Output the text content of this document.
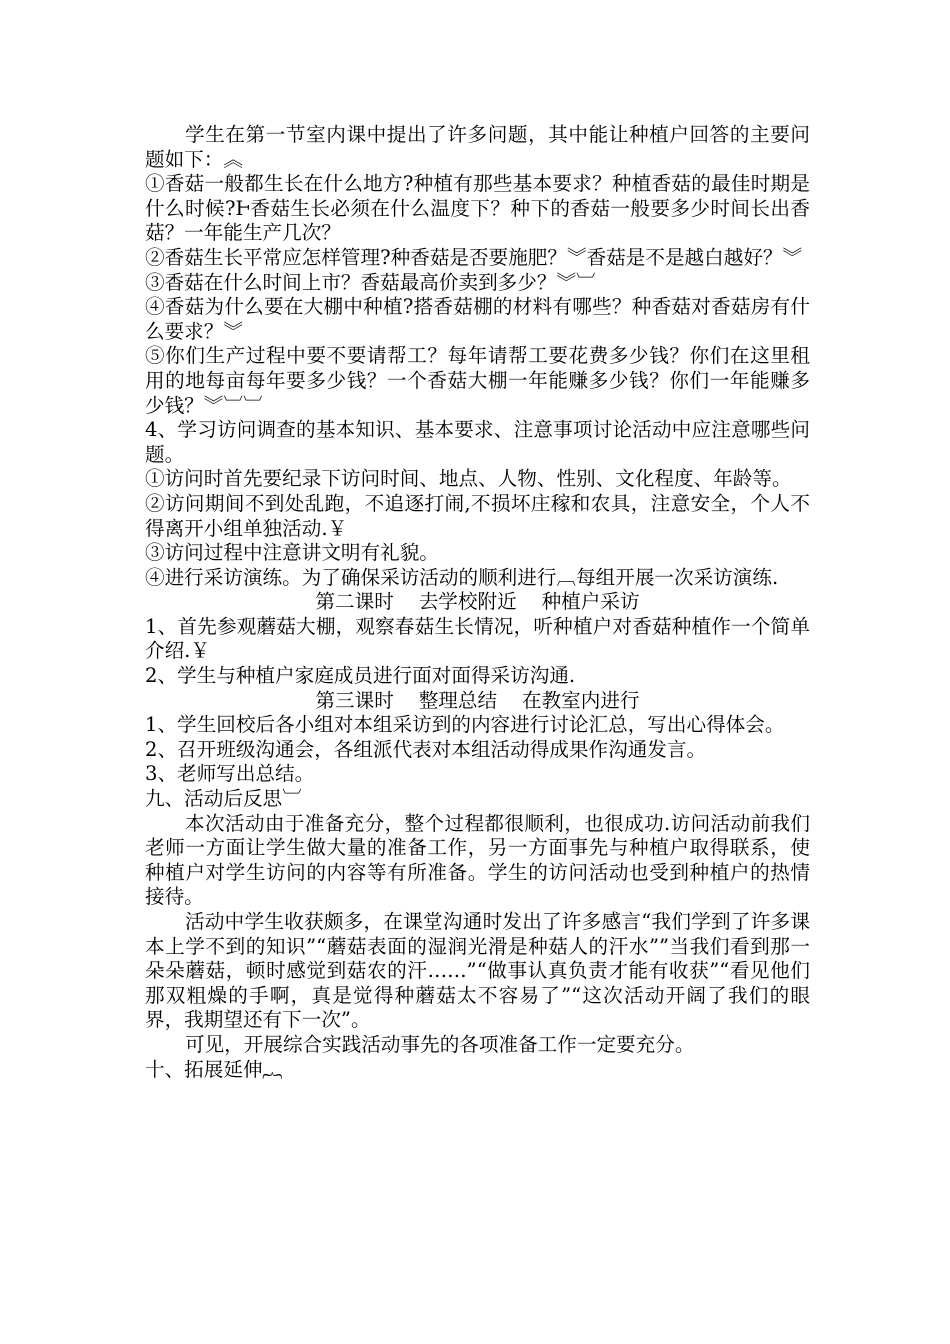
学生在第一节室内课中提出了许多问题，其中能让种植户回答的主要问题如下：︽

①香菇一般都生长在什么地方?种植有那些基本要求？种植香菇的最佳时期是什么时候?Ⱶ香菇生长必须在什么温度下？种下的香菇一般要多少时间长出香菇？一年能生产几次？

②香菇生长平常应怎样管理?种香菇是否要施肥？︾香菇是不是越白越好？︾

③香菇在什么时间上市？香菇最高价卖到多少？︾︺

④香菇为什么要在大棚中种植?搭香菇棚的材料有哪些？种香菇对香菇房有什么要求？︾

⑤你们生产过程中要不要请帮工？每年请帮工要花费多少钱？你们在这里租用的地每亩每年要多少钱？一个香菇大棚一年能赚多少钱？你们一年能赚多少钱？︾︺︺

4、学习访问调查的基本知识、基本要求、注意事项讨论活动中应注意哪些问题。

①访问时首先要纪录下访问时间、地点、人物、性别、文化程度、年龄等。

②访问期间不到处乱跑，不追逐打闹,不损坏庄稼和农具，注意安全，个人不得离开小组单独活动.￥

③访问过程中注意讲文明有礼貌。

④进行采访演练。为了确保采访活动的顺利进行︹每组开展一次采访演练.

第二课时    去学校附近    种植户采访

1、首先参观蘑菇大棚，观察春菇生长情况，听种植户对香菇种植作一个简单介绍.￥

2、学生与种植户家庭成员进行面对面得采访沟通.

第三课时    整理总结    在教室内进行

1、学生回校后各小组对本组采访到的内容进行讨论汇总，写出心得体会。

2、召开班级沟通会，各组派代表对本组活动得成果作沟通发言。

3、老师写出总结。

九、活动后反思︺

本次活动由于准备充分，整个过程都很顺利，也很成功.访问活动前我们老师一方面让学生做大量的准备工作，另一方面事先与种植户取得联系，使种植户对学生访问的内容等有所准备。学生的访问活动也受到种植户的热情接待。

活动中学生收获颇多，在课堂沟通时发出了许多感言“我们学到了许多课本上学不到的知识”“蘑菇表面的湿润光滑是种菇人的汗水””当我们看到那一朵朵蘑菇，顿时感觉到菇农的汗……”“做事认真负责才能有收获”“看见他们那双粗燥的手啊，真是觉得种蘑菇太不容易了”“这次活动开阔了我们的眼界，我期望还有下一次”。

可见，开展综合实践活动事先的各项准备工作一定要充分。

十、拓展延伸︷
